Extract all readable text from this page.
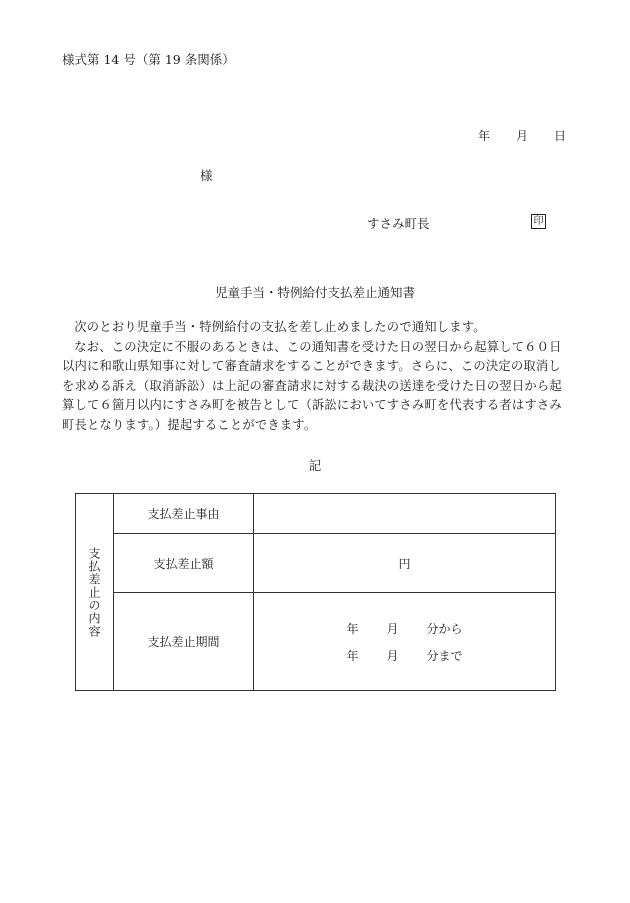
様式第 14 号（第 19 条関係）
年 月 日
様
すさみ町長	印
児童手当・特例給付支払差止通知書

次のとおり児童手当・特例給付の支払を差し止めましたので通知します。

なお、この決定に不服のあるときは、この通知書を受けた日の翌日から起算して６０日以内に和歌山県知事に対して審査請求をすることができます。さらに、この決定の取消しを求める訴え（取消訴訟）は上記の審査請求に対する裁決の送達を受けた日の翌日から起算して６箇月以内にすさみ町を被告として（訴訟においてすさみ町を代表する者はすさみ町長となります。）提起することができます。

記
支払差止の内容	支払差止事由	
	支払差止額	円
	支払差止期間	年 月 分から
年 月 分まで
